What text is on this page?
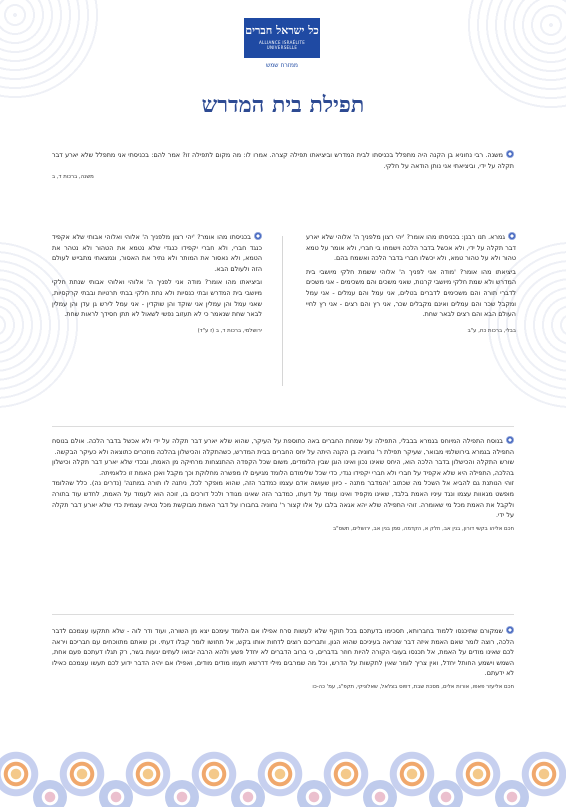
כל ישראל חברים
ALLIANCE ISRAÉLITE UNIVERSELLE
ממזרח שמש
תפילת בית המדרש
משנה. רבי נחוניא בן הקנה היה מתפלל בכניסתו לבית המדרש וביציאתו תפילה קצרה. אמרו לו: מה מקום לתפילה זו? אמר להם: בכניסתי אני מתפלל שלא יארע דבר תקלה על ידי, וביציאתי אני נותן הודאה על חלקי.
משנה, ברכות ד, ב

גמרא. תנו רבנן: בכניסתו מהו אומר? 'יהי רצון מלפניך ה' אלוהי שלא יארע דבר תקלה על ידי, ולא אכשל בדבר הלכה וישמחו בי חברי, ולא אומר על טמא טהור ולא על טהור טמא, ולא יכשלו חברי בדבר הלכה ואשמח בהם.

ביציאתו מהו אומר? 'מודה אני לפניך ה' אלוהי ששמת חלקי מיושבי בית המדרש ולא שמת חלקי מיושבי קרנות, שאני משכים והם משכימים - אני משכים לדברי תורה והם משכימים לדברים בטלים, אני עמל והם עמלים - אני עמל ומקבל שכר והם עמלים ואינם מקבלים שכר, אני רץ והם רצים - אני רץ לחיי העולם הבא והם רצים לבאר שחת.

בבלי, ברכות כח, ע"ב

בכניסתו מהו אומר? 'יהי רצון מלפניך ה' אלוהי ואלוהי אבותי שלא אקפיד כנגד חברי, ולא חברי יקפידו כנגדי שלא נטמא את הטהור ולא נטהר את הטמא, ולא נאסור את המותר ולא נתיר את האסור, ונמצאתי מתבייש לעולם הזה ולעולם הבא.

וביציאתו מהו אומר? מודה אני לפניך ה' אלוהי ואלוהי אבותי שנתת חלקי מיושבי בית המדרש ובתי כנסיות ולא נתת חלקי בבתי תרטיות ובבתי קרקסיות, שאני עמל והן עמלין אני שוקד והן שוקדין - אני עמל לירש גן עדן והן עמלין לבאר שחת שנאמר כי לא תעזוב נפשי לשאול לא תתן חסידך לראות שחת.

ירושלמי, ברכות ד, ב (ז ע"ד)

בנוסח התפילה המיוחס בגמרא בבבלי, התפילה על שמחת החברים באה כתוספת על העיקר, שהוא שלא יארע דבר תקלה על ידי ולא אכשל בדבר הלכה. אולם בנוסח התפילה בגמרא בירושלמי מבואר, שעיקר תפילת ר' נחוניה בן הקנה היתה על יחס החברים בבית המדרש, כשהתקלה והכישלון בהלכה מוזכרים כתוצאה ולא כעיקר הבקשה.

שורש התקלה והכישלון בדבר הלכה הוא, היחס שאינו נכון ואינו הוגן שבין הלומדים, משום שכל הקפדה ההתנצחות מרחיקה מן האמת, ובכדי שלא יארע דבר תקלה וכישלון בהלכה, התפילה היא שלא אקפיד על חברי ולא חברי יקפידו נגדי, כדי שכל שלימודם הלומד מגיעים לו מפשרה מחלוקת וכך מקבל ואכן האמת זו כלאמיתה.

זוהי הנותנת גם להביא אל השכל מה שכתוב 'והמדבר מתנה - כיוון שעושה אדם עצמו כמדבר הזה, שהוא מופקר לכל, ניתנה לו תורה במתנה' (נדרים נה). כלל שהלומד מופשט מגאוות עצמו ונגד עיניו האמת בלבד, שאינו מקפיד ואינו עומד על דעתו, כמדבר הזה שאינו מגודר ולכל דורכים בו, זוכה הוא לעמוד על האמת, לחדש עוד בתורה ולקבל את האמת מכל מי שאומרה. זוהי התפילה שלא יהא אגאה בלבו על אלו קצור ר' נחוניה בחבורו על דבר האמת מבוקשת מכל נטייה עצמית כדי שלא יארע דבר תקלה על ידי.

חכם אליהו בקשי דורון, בנין אב, חלק א, הקדמה, סמן בנין אב, ירושלים, תשס"ב

שמקורם שתיכנסו ללמוד בחברותא, תסכימו בדעתכם בכל תוקף שלא לעשות סרח אפילו אם הלומד עימכם יצא מן השורה, ועוד ודר לוה - שלא תתקעו עצמכם לדבר הלכה, רוצה לומר שאם האמת איזה דבר שנראה בעיניכם שהוא הגון, ותבריכם רוצים לדחות אותו בקש, אל תחושו לומר קבלו דעתי. וכן שאתם מתווכחים עם חבריכם ויראה לכם שאינו מודים על האמת, אל תכנסו בעובי הקורה להיות חוזר בדברים, כי ברוב הדברים לא יחדל פשע ולהא הרבה יבואו לעתים יגעות בשר, רק תגלו דעתכם פעם אחת, השמש וישמע החותל יחדל, ואין צריך לומר שאין לתקשות על הדרש, וכל מה שמרבים מילי דדרשא תעמו מודים מודים, ואפילו אם יהיה הדבר ידוע לכם תעשו עצמכם כאילו לא ידעתם.

חכם אליעזר פאפו, אורות אלים, מסכת שבת, דפוס בצלאל, שאלוניקי, תקפ"ג, עמ' כה-כו
